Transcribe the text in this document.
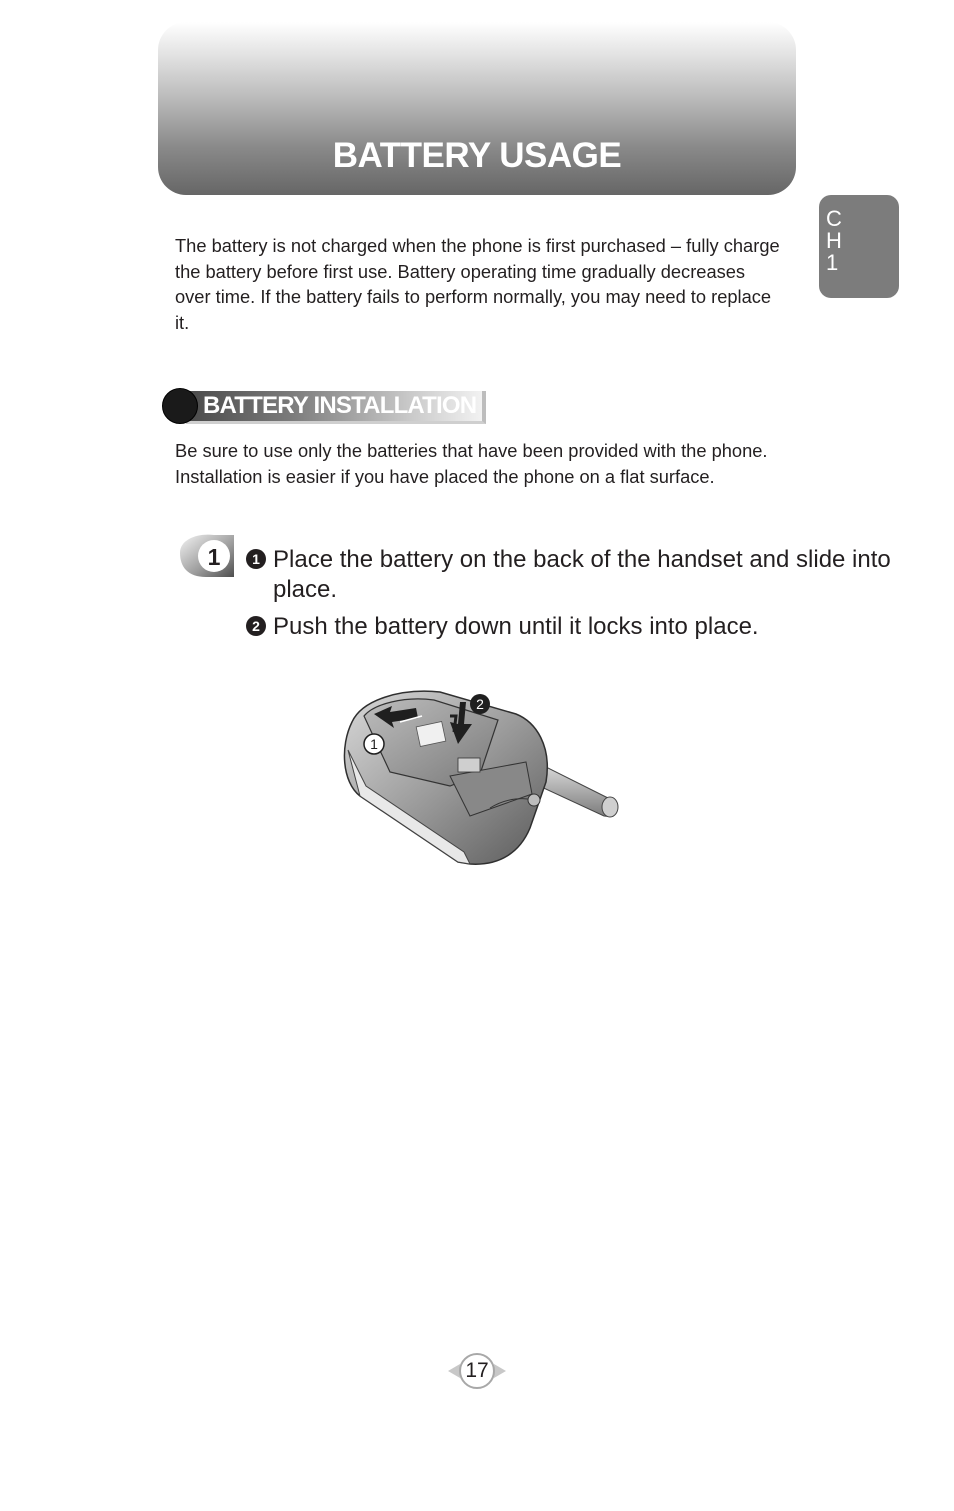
BATTERY USAGE
C
H
1

The battery is not charged when the phone is first purchased – fully charge the battery before first use. Battery operating time gradually decreases over time. If the battery fails to perform normally, you may need to replace it.

BATTERY INSTALLATION

Be sure to use only the batteries that have been provided with the phone. Installation is easier if you have placed the phone on a flat surface.

1	1 Place the battery on the back of the handset and slide into place.
2 Push the battery down until it locks into place.
1
2
17
